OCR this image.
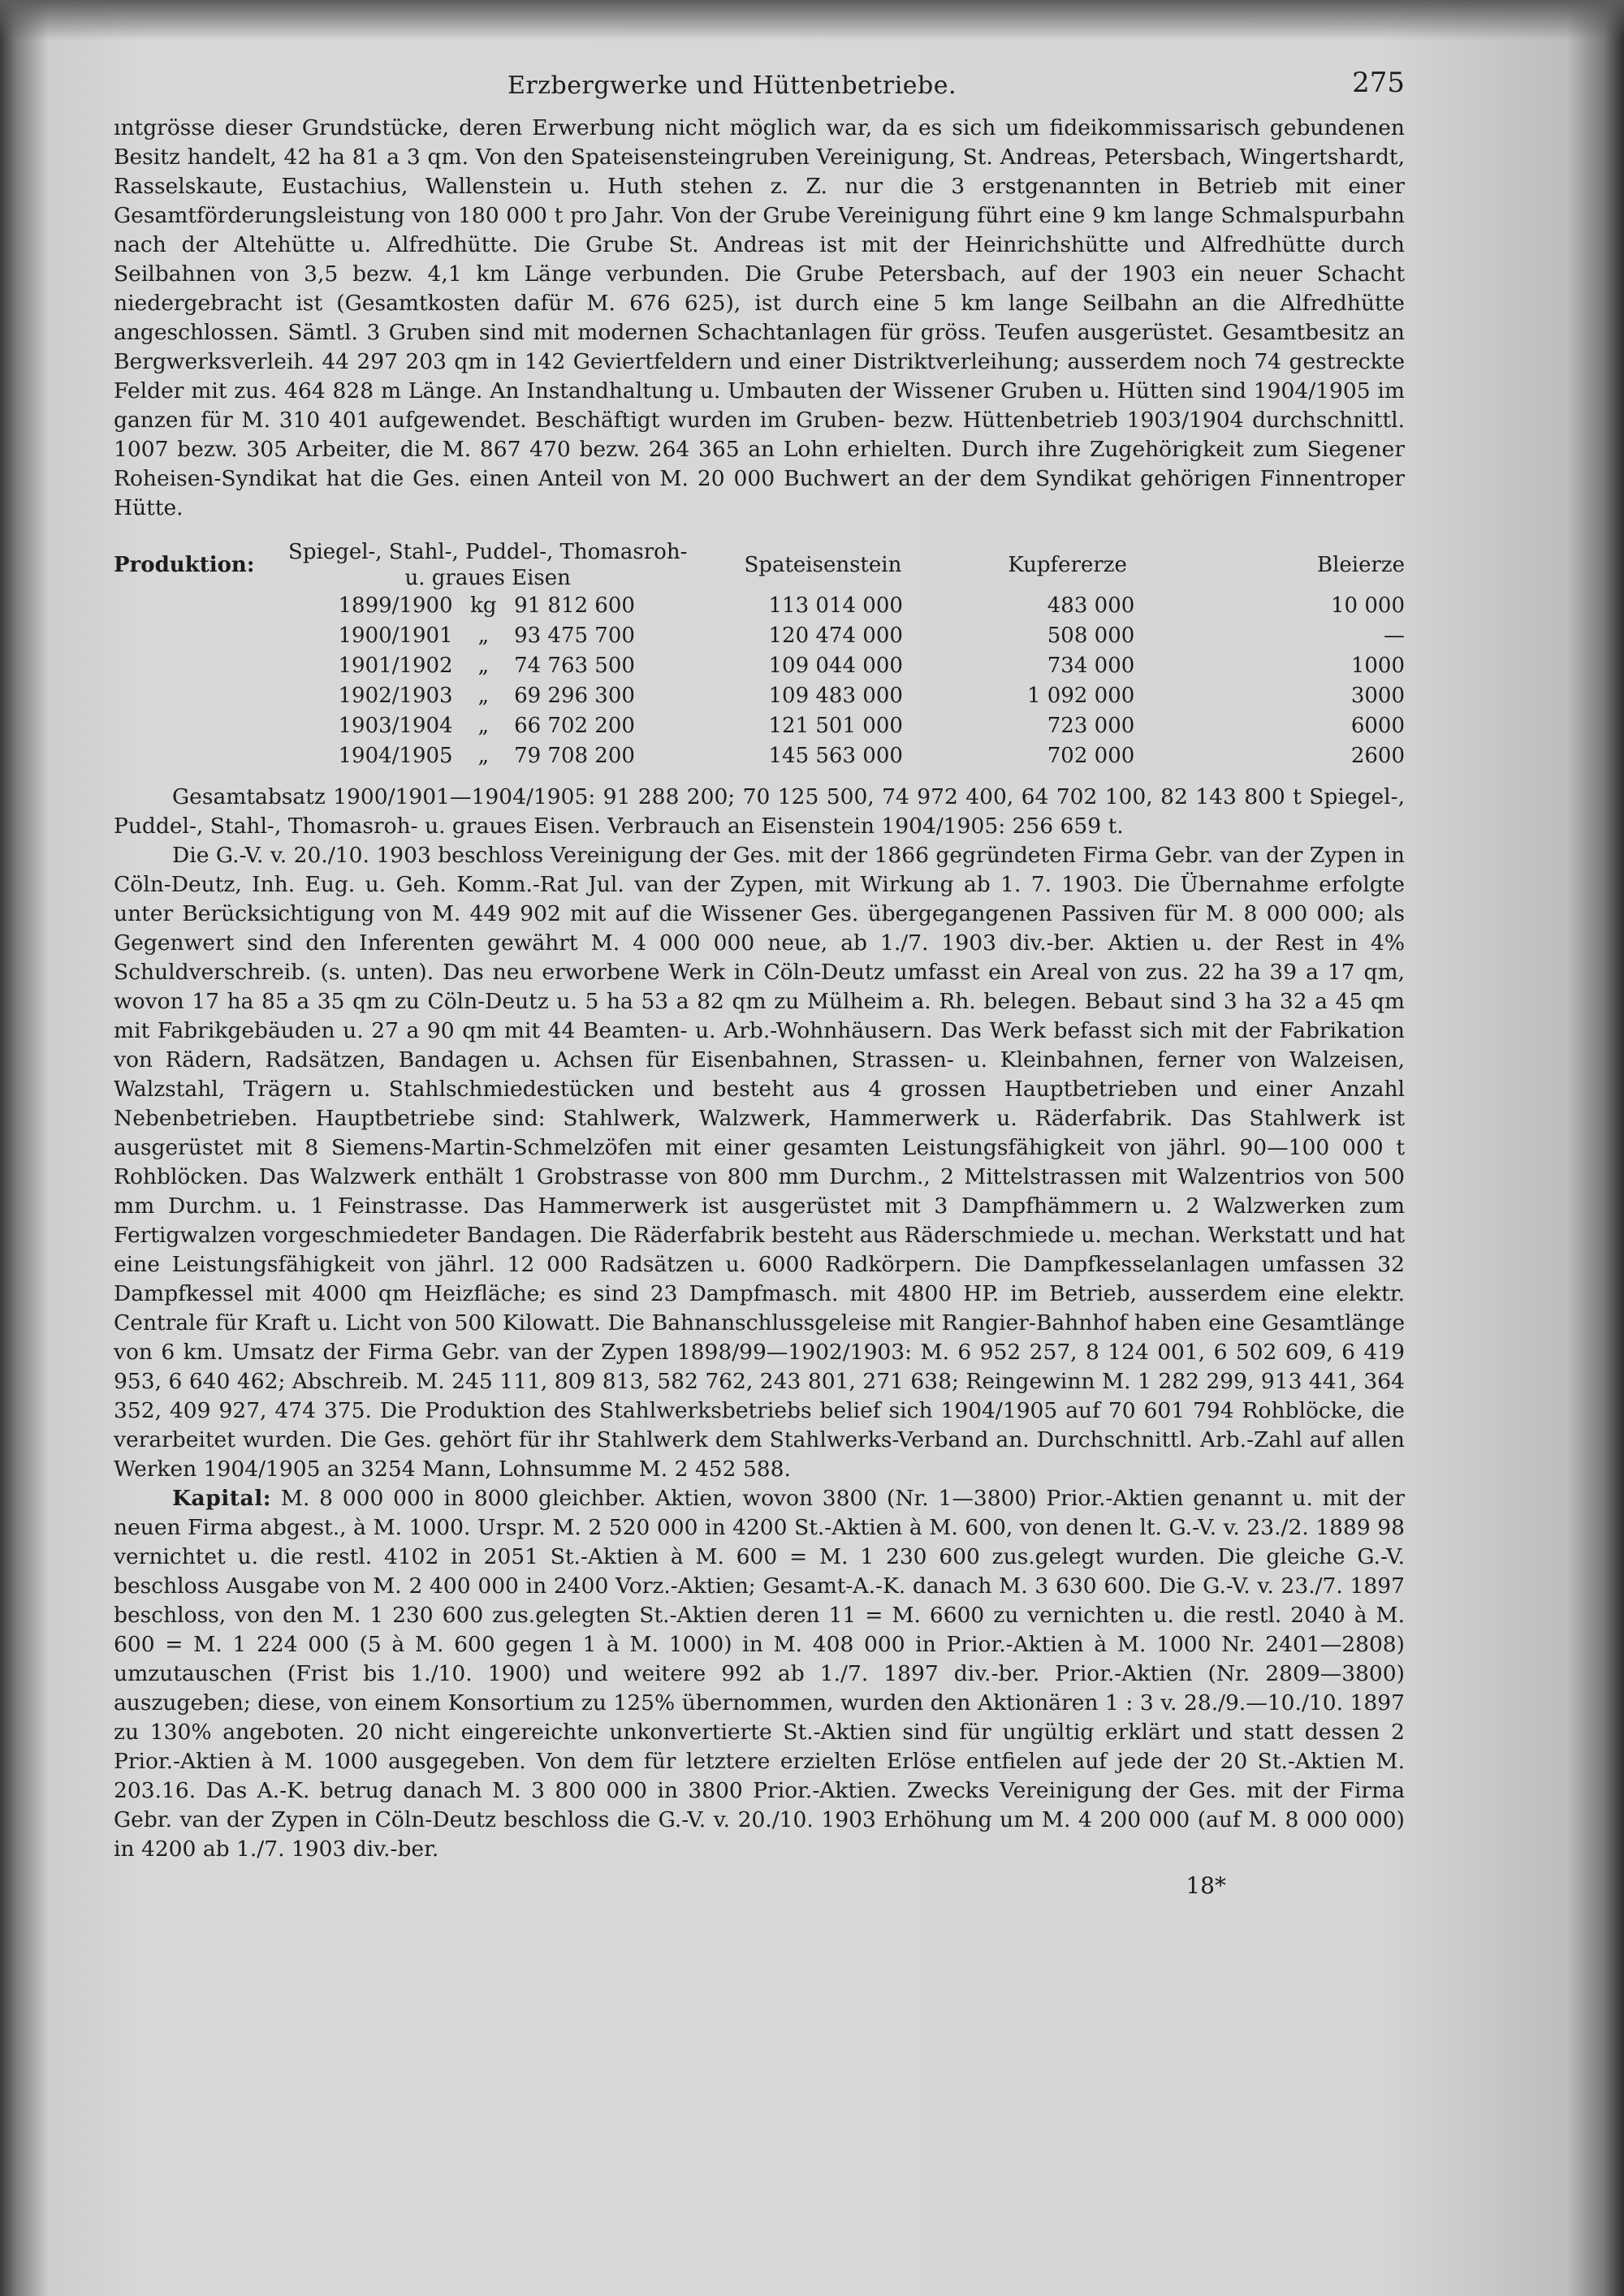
Erzbergwerke und Hüttenbetriebe.	275

ıntgrösse dieser Grundstücke, deren Erwerbung nicht möglich war, da es sich um fideikommissarisch gebundenen Besitz handelt, 42 ha 81 a 3 qm. Von den Spateisensteingruben Vereinigung, St. Andreas, Petersbach, Wingertshardt, Rasselskaute, Eustachius, Wallenstein u. Huth stehen z. Z. nur die 3 erstgenannten in Betrieb mit einer Gesamtförderungsleistung von 180 000 t pro Jahr. Von der Grube Vereinigung führt eine 9 km lange Schmalspurbahn nach der Altehütte u. Alfredhütte. Die Grube St. Andreas ist mit der Heinrichshütte und Alfredhütte durch Seilbahnen von 3,5 bezw. 4,1 km Länge verbunden. Die Grube Petersbach, auf der 1903 ein neuer Schacht niedergebracht ist (Gesamtkosten dafür M. 676 625), ist durch eine 5 km lange Seilbahn an die Alfredhütte angeschlossen. Sämtl. 3 Gruben sind mit modernen Schachtanlagen für gröss. Teufen ausgerüstet. Gesamtbesitz an Bergwerksverleih. 44 297 203 qm in 142 Geviertfeldern und einer Distriktverleihung; ausserdem noch 74 gestreckte Felder mit zus. 464 828 m Länge. An Instandhaltung u. Umbauten der Wissener Gruben u. Hütten sind 1904/1905 im ganzen für M. 310 401 aufgewendet. Beschäftigt wurden im Gruben- bezw. Hüttenbetrieb 1903/1904 durchschnittl. 1007 bezw. 305 Arbeiter, die M. 867 470 bezw. 264 365 an Lohn erhielten. Durch ihre Zugehörigkeit zum Siegener Roheisen-Syndikat hat die Ges. einen Anteil von M. 20 000 Buchwert an der dem Syndikat gehörigen Finnentroper Hütte.

Produktion:	Spiegel-, Stahl-, Puddel-, Thomasroh- u. graues Eisen			Spateisenstein	Kupfererze	Bleierze
	1899/1900	kg	91 812 600	113 014 000	483 000	10 000
	1900/1901	„	93 475 700	120 474 000	508 000	—
	1901/1902	„	74 763 500	109 044 000	734 000	1000
	1902/1903	„	69 296 300	109 483 000	1 092 000	3000
	1903/1904	„	66 702 200	121 501 000	723 000	6000
	1904/1905	„	79 708 200	145 563 000	702 000	2600

Gesamtabsatz 1900/1901—1904/1905: 91 288 200; 70 125 500, 74 972 400, 64 702 100, 82 143 800 t Spiegel-, Puddel-, Stahl-, Thomasroh- u. graues Eisen. Verbrauch an Eisenstein 1904/1905: 256 659 t.

Die G.-V. v. 20./10. 1903 beschloss Vereinigung der Ges. mit der 1866 gegründeten Firma Gebr. van der Zypen in Cöln-Deutz, Inh. Eug. u. Geh. Komm.-Rat Jul. van der Zypen, mit Wirkung ab 1. 7. 1903. Die Übernahme erfolgte unter Berücksichtigung von M. 449 902 mit auf die Wissener Ges. übergegangenen Passiven für M. 8 000 000; als Gegenwert sind den Inferenten gewährt M. 4 000 000 neue, ab 1./7. 1903 div.-ber. Aktien u. der Rest in 4% Schuldverschreib. (s. unten). Das neu erworbene Werk in Cöln-Deutz umfasst ein Areal von zus. 22 ha 39 a 17 qm, wovon 17 ha 85 a 35 qm zu Cöln-Deutz u. 5 ha 53 a 82 qm zu Mülheim a. Rh. belegen. Bebaut sind 3 ha 32 a 45 qm mit Fabrikgebäuden u. 27 a 90 qm mit 44 Beamten- u. Arb.-Wohnhäusern. Das Werk befasst sich mit der Fabrikation von Rädern, Radsätzen, Bandagen u. Achsen für Eisenbahnen, Strassen- u. Kleinbahnen, ferner von Walzeisen, Walzstahl, Trägern u. Stahlschmiedestücken und besteht aus 4 grossen Hauptbetrieben und einer Anzahl Nebenbetrieben. Hauptbetriebe sind: Stahlwerk, Walzwerk, Hammerwerk u. Räderfabrik. Das Stahlwerk ist ausgerüstet mit 8 Siemens-Martin-Schmelzöfen mit einer gesamten Leistungsfähigkeit von jährl. 90—100 000 t Rohblöcken. Das Walzwerk enthält 1 Grobstrasse von 800 mm Durchm., 2 Mittelstrassen mit Walzentrios von 500 mm Durchm. u. 1 Feinstrasse. Das Hammerwerk ist ausgerüstet mit 3 Dampfhämmern u. 2 Walzwerken zum Fertigwalzen vorgeschmiedeter Bandagen. Die Räderfabrik besteht aus Räderschmiede u. mechan. Werkstatt und hat eine Leistungsfähigkeit von jährl. 12 000 Radsätzen u. 6000 Radkörpern. Die Dampfkesselanlagen umfassen 32 Dampfkessel mit 4000 qm Heizfläche; es sind 23 Dampfmasch. mit 4800 HP. im Betrieb, ausserdem eine elektr. Centrale für Kraft u. Licht von 500 Kilowatt. Die Bahnanschlussgeleise mit Rangier-Bahnhof haben eine Gesamtlänge von 6 km. Umsatz der Firma Gebr. van der Zypen 1898/99—1902/1903: M. 6 952 257, 8 124 001, 6 502 609, 6 419 953, 6 640 462; Abschreib. M. 245 111, 809 813, 582 762, 243 801, 271 638; Reingewinn M. 1 282 299, 913 441, 364 352, 409 927, 474 375. Die Produktion des Stahlwerksbetriebs belief sich 1904/1905 auf 70 601 794 Rohblöcke, die verarbeitet wurden. Die Ges. gehört für ihr Stahlwerk dem Stahlwerks-Verband an. Durchschnittl. Arb.-Zahl auf allen Werken 1904/1905 an 3254 Mann, Lohnsumme M. 2 452 588.

Kapital: M. 8 000 000 in 8000 gleichber. Aktien, wovon 3800 (Nr. 1—3800) Prior.-Aktien genannt u. mit der neuen Firma abgest., à M. 1000. Urspr. M. 2 520 000 in 4200 St.-Aktien à M. 600, von denen lt. G.-V. v. 23./2. 1889 98 vernichtet u. die restl. 4102 in 2051 St.-Aktien à M. 600 = M. 1 230 600 zus.gelegt wurden. Die gleiche G.-V. beschloss Ausgabe von M. 2 400 000 in 2400 Vorz.-Aktien; Gesamt-A.-K. danach M. 3 630 600. Die G.-V. v. 23./7. 1897 beschloss, von den M. 1 230 600 zus.gelegten St.-Aktien deren 11 = M. 6600 zu vernichten u. die restl. 2040 à M. 600 = M. 1 224 000 (5 à M. 600 gegen 1 à M. 1000) in M. 408 000 in Prior.-Aktien à M. 1000 Nr. 2401—2808) umzutauschen (Frist bis 1./10. 1900) und weitere 992 ab 1./7. 1897 div.-ber. Prior.-Aktien (Nr. 2809—3800) auszugeben; diese, von einem Konsortium zu 125% übernommen, wurden den Aktionären 1 : 3 v. 28./9.—10./10. 1897 zu 130% angeboten. 20 nicht eingereichte unkonvertierte St.-Aktien sind für ungültig erklärt und statt dessen 2 Prior.-Aktien à M. 1000 ausgegeben. Von dem für letztere erzielten Erlöse entfielen auf jede der 20 St.-Aktien M. 203.16. Das A.-K. betrug danach M. 3 800 000 in 3800 Prior.-Aktien. Zwecks Vereinigung der Ges. mit der Firma Gebr. van der Zypen in Cöln-Deutz beschloss die G.-V. v. 20./10. 1903 Erhöhung um M. 4 200 000 (auf M. 8 000 000) in 4200 ab 1./7. 1903 div.-ber.

18*
